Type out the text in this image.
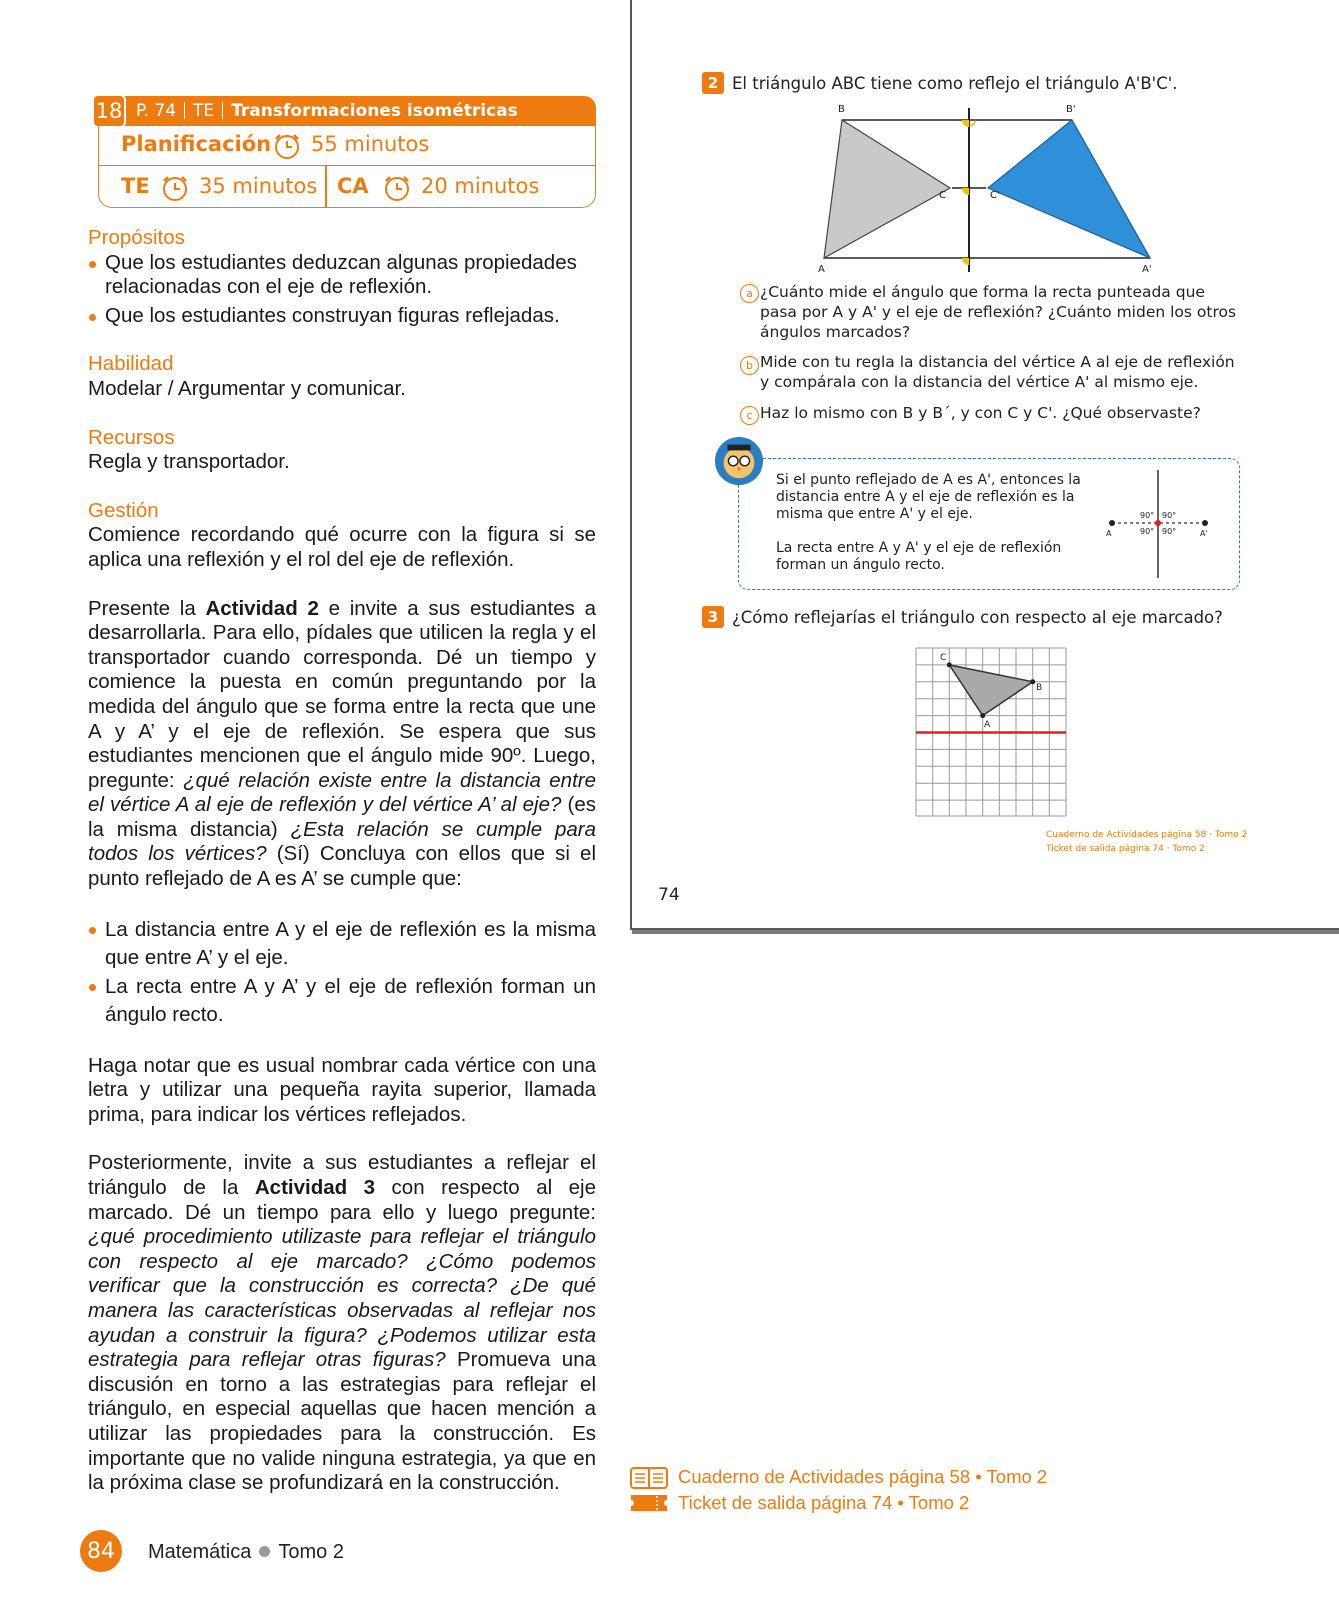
P. 74 TE Transformaciones isométricas
18
Planificación 55 minutos
TE 35 minutos CA 20 minutos
Propósitos
Que los estudiantes deduzcan algunas propiedades relacionadas con el eje de reflexión.
Que los estudiantes construyan figuras reflejadas.
Habilidad
Modelar / Argumentar y comunicar.
Recursos
Regla y transportador.
Gestión
Comience recordando qué ocurre con la figura si se aplica una reflexión y el rol del eje de reflexión.
Presente la Actividad 2 e invite a sus estudiantes a desarrollarla. Para ello, pídales que utilicen la regla y el transportador cuando corresponda. Dé un tiempo y comience la puesta en común preguntando por la medida del ángulo que se forma entre la recta que une A y A’ y el eje de reflexión. Se espera que sus estudiantes mencionen que el ángulo mide 90º. Luego, pregunte: ¿qué relación existe entre la distancia entre el vértice A al eje de reflexión y del vértice A’ al eje? (es la misma distancia) ¿Esta relación se cumple para todos los vértices? (Sí) Concluya con ellos que si el punto reflejado de A es A’ se cumple que:
La distancia entre A y el eje de reflexión es la misma que entre A’ y el eje.
La recta entre A y A’ y el eje de reflexión forman un ángulo recto.
Haga notar que es usual nombrar cada vértice con una letra y utilizar una pequeña rayita superior, llamada prima, para indicar los vértices reflejados.
Posteriormente, invite a sus estudiantes a reflejar el triángulo de la Actividad 3 con respecto al eje marcado. Dé un tiempo para ello y luego pregunte: ¿qué procedimiento utilizaste para reflejar el triángulo con respecto al eje marcado? ¿Cómo podemos verificar que la construcción es correcta? ¿De qué manera las características observadas al reflejar nos ayudan a construir la figura? ¿Podemos utilizar esta estrategia para reflejar otras figuras? Promueva una discusión en torno a las estrategias para reflejar el triángulo, en especial aquellas que hacen mención a utilizar las propiedades para la construcción. Es importante que no valide ninguna estrategia, ya que en la próxima clase se profundizará en la construcción.
84	Matemática Tomo 2
2 El triángulo ABC tiene como reflejo el triángulo A'B'C'.
B	B'
C	C'
A	A'
a ¿Cuánto mide el ángulo que forma la recta punteada que pasa por A y A' y el eje de reflexión? ¿Cuánto miden los otros ángulos marcados?
b Mide con tu regla la distancia del vértice A al eje de reflexión y compárala con la distancia del vértice A' al mismo eje.
c Haz lo mismo con B y B´, y con C y C'. ¿Qué observaste?
Si el punto reflejado de A es A', entonces la distancia entre A y el eje de reflexión es la misma que entre A' y el eje.
La recta entre A y A' y el eje de reflexión forman un ángulo recto.
A	A'
90° 90°
90° 90°
3 ¿Cómo reflejarías el triángulo con respecto al eje marcado?
C
B
A
Cuaderno de Actividades página 58 · Tomo 2
Ticket de salida página 74 · Tomo 2
74
Cuaderno de Actividades página 58 • Tomo 2
Ticket de salida página 74 • Tomo 2
